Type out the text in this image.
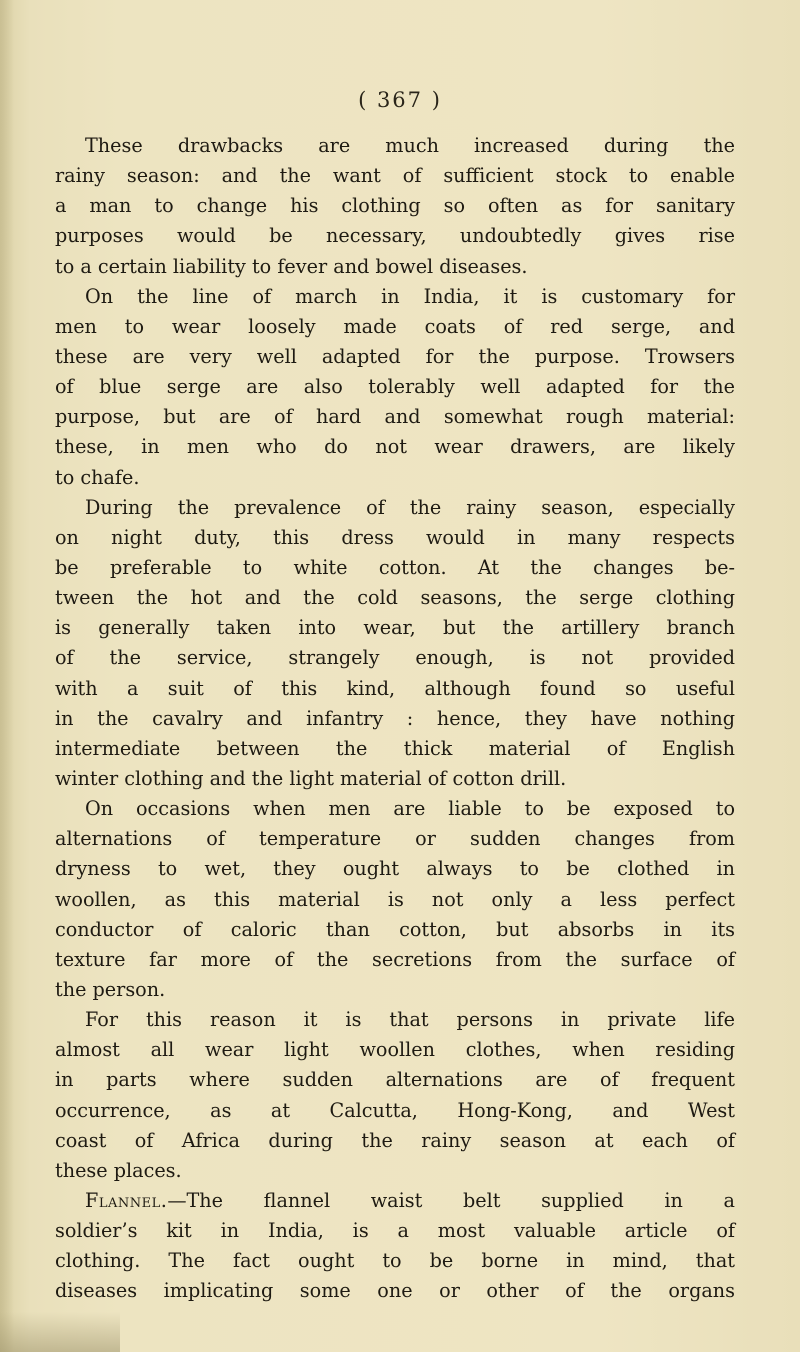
( 367 )
These drawbacks are much increased during the
rainy season: and the want of sufficient stock to enable
a man to change his clothing so often as for sanitary
purposes would be necessary, undoubtedly gives rise
to a certain liability to fever and bowel diseases.
On the line of march in India, it is customary for
men to wear loosely made coats of red serge, and
these are very well adapted for the purpose. Trowsers
of blue serge are also tolerably well adapted for the
purpose, but are of hard and somewhat rough material:
these, in men who do not wear drawers, are likely
to chafe.
During the prevalence of the rainy season, especially
on night duty, this dress would in many respects
be preferable to white cotton. At the changes be-
tween the hot and the cold seasons, the serge clothing
is generally taken into wear, but the artillery branch
of the service, strangely enough, is not provided
with a suit of this kind, although found so useful
in the cavalry and infantry : hence, they have nothing
intermediate between the thick material of English
winter clothing and the light material of cotton drill.
On occasions when men are liable to be exposed to
alternations of temperature or sudden changes from
dryness to wet, they ought always to be clothed in
woollen, as this material is not only a less perfect
conductor of caloric than cotton, but absorbs in its
texture far more of the secretions from the surface of
the person.
For this reason it is that persons in private life
almost all wear light woollen clothes, when residing
in parts where sudden alternations are of frequent
occurrence, as at Calcutta, Hong-Kong, and West
coast of Africa during the rainy season at each of
these places.
Flannel.—The flannel waist belt supplied in a
soldier’s kit in India, is a most valuable article of
clothing. The fact ought to be borne in mind, that
diseases implicating some one or other of the organs
